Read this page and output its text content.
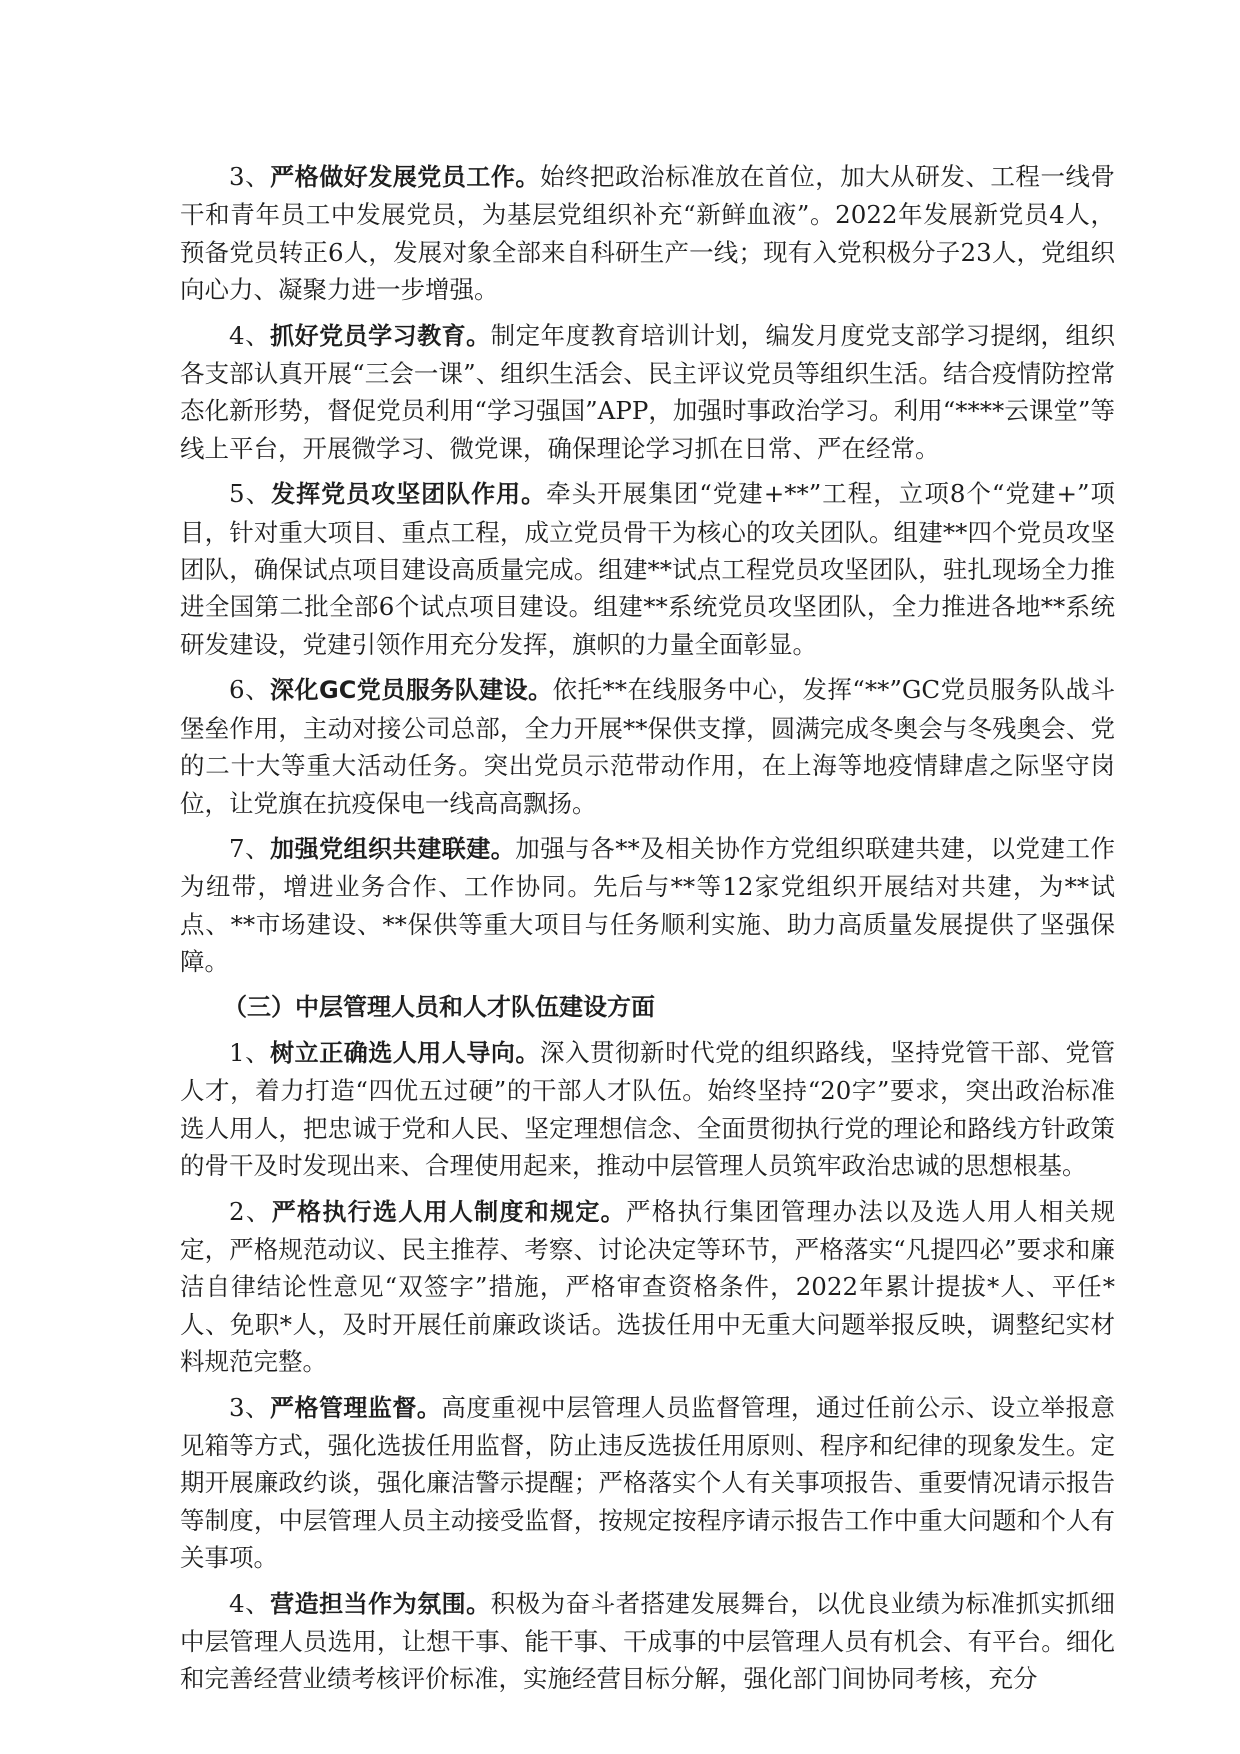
3、严格做好发展党员工作。始终把政治标准放在首位，加大从研发、工程一线骨干和青年员工中发展党员，为基层党组织补充“新鲜血液”。2022年发展新党员4人，预备党员转正6人，发展对象全部来自科研生产一线；现有入党积极分子23人，党组织向心力、凝聚力进一步增强。

4、抓好党员学习教育。制定年度教育培训计划，编发月度党支部学习提纲，组织各支部认真开展“三会一课”、组织生活会、民主评议党员等组织生活。结合疫情防控常态化新形势，督促党员利用“学习强国”APP，加强时事政治学习。利用“****云课堂”等线上平台，开展微学习、微党课，确保理论学习抓在日常、严在经常。

5、发挥党员攻坚团队作用。牵头开展集团“党建+**”工程，立项8个“党建+”项目，针对重大项目、重点工程，成立党员骨干为核心的攻关团队。组建**四个党员攻坚团队，确保试点项目建设高质量完成。组建**试点工程党员攻坚团队，驻扎现场全力推进全国第二批全部6个试点项目建设。组建**系统党员攻坚团队，全力推进各地**系统研发建设，党建引领作用充分发挥，旗帜的力量全面彰显。

6、深化GC党员服务队建设。依托**在线服务中心，发挥“**”GC党员服务队战斗堡垒作用，主动对接公司总部，全力开展**保供支撑，圆满完成冬奥会与冬残奥会、党的二十大等重大活动任务。突出党员示范带动作用，在上海等地疫情肆虐之际坚守岗位，让党旗在抗疫保电一线高高飘扬。

7、加强党组织共建联建。加强与各**及相关协作方党组织联建共建，以党建工作为纽带，增进业务合作、工作协同。先后与**等12家党组织开展结对共建，为**试点、**市场建设、**保供等重大项目与任务顺利实施、助力高质量发展提供了坚强保障。

（三）中层管理人员和人才队伍建设方面

1、树立正确选人用人导向。深入贯彻新时代党的组织路线，坚持党管干部、党管人才，着力打造“四优五过硬”的干部人才队伍。始终坚持“20字”要求，突出政治标准选人用人，把忠诚于党和人民、坚定理想信念、全面贯彻执行党的理论和路线方针政策的骨干及时发现出来、合理使用起来，推动中层管理人员筑牢政治忠诚的思想根基。

2、严格执行选人用人制度和规定。严格执行集团管理办法以及选人用人相关规定，严格规范动议、民主推荐、考察、讨论决定等环节，严格落实“凡提四必”要求和廉洁自律结论性意见“双签字”措施，严格审查资格条件，2022年累计提拔*人、平任*人、免职*人，及时开展任前廉政谈话。选拔任用中无重大问题举报反映，调整纪实材料规范完整。

3、严格管理监督。高度重视中层管理人员监督管理，通过任前公示、设立举报意见箱等方式，强化选拔任用监督，防止违反选拔任用原则、程序和纪律的现象发生。定期开展廉政约谈，强化廉洁警示提醒；严格落实个人有关事项报告、重要情况请示报告等制度，中层管理人员主动接受监督，按规定按程序请示报告工作中重大问题和个人有关事项。

4、营造担当作为氛围。积极为奋斗者搭建发展舞台，以优良业绩为标准抓实抓细中层管理人员选用，让想干事、能干事、干成事的中层管理人员有机会、有平台。细化和完善经营业绩考核评价标准，实施经营目标分解，强化部门间协同考核，充分
